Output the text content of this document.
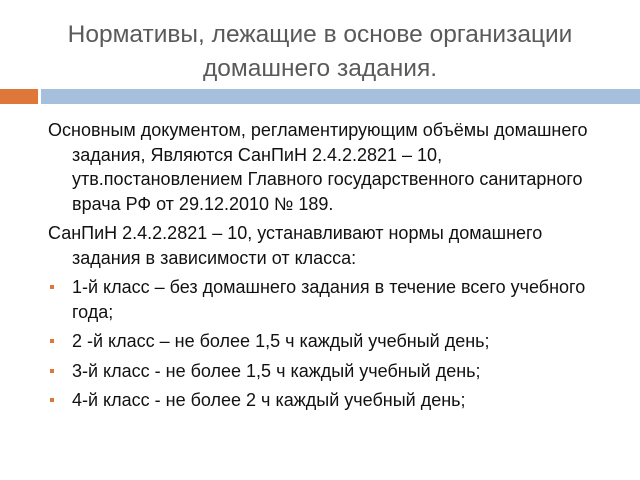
Нормативы, лежащие в основе организации домашнего задания.

Основным документом, регламентирующим объёмы домашнего задания, Являются СанПиН 2.4.2.2821 – 10, утв.постановлением Главного государственного санитарного врача РФ от 29.12.2010 № 189.

СанПиН 2.4.2.2821 – 10, устанавливают нормы домашнего задания в зависимости от класса:

1-й класс – без домашнего задания в течение всего учебного года;
2 -й класс – не более 1,5 ч каждый учебный день;
3-й класс - не более 1,5 ч каждый учебный день;
4-й класс - не более 2 ч каждый учебный день;
